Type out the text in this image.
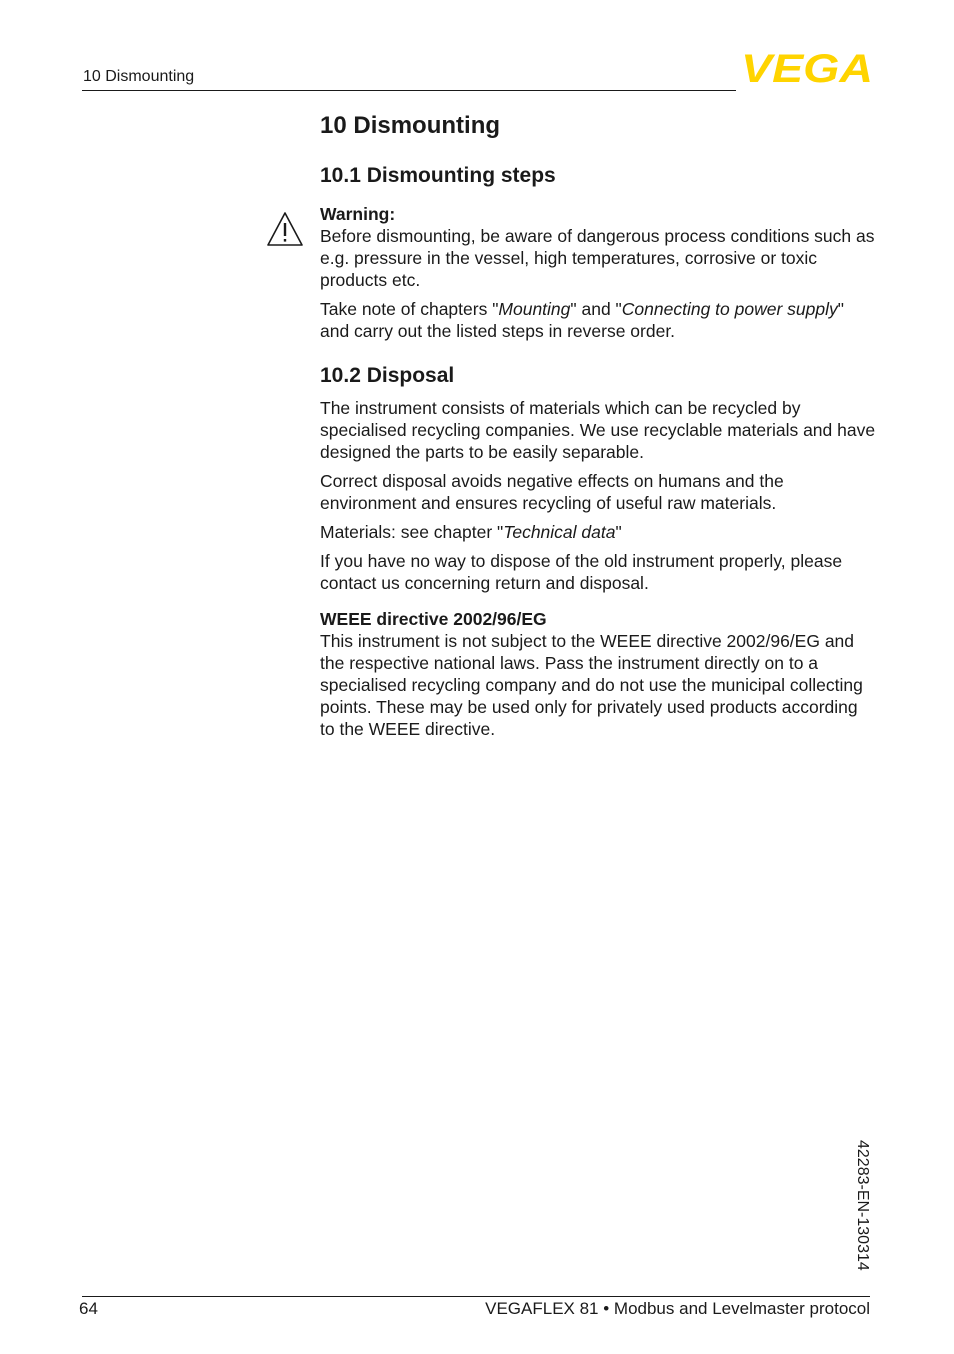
10 Dismounting	VEGA
10 Dismounting
10.1 Dismounting steps

Warning:

Before dismounting, be aware of dangerous process conditions such as e.g. pressure in the vessel, high temperatures, corrosive or toxic products etc.

Take note of chapters "Mounting" and "Connecting to power supply" and carry out the listed steps in reverse order.

10.2 Disposal

The instrument consists of materials which can be recycled by specialised recycling companies. We use recyclable materials and have designed the parts to be easily separable.

Correct disposal avoids negative effects on humans and the environment and ensures recycling of useful raw materials.

Materials: see chapter "Technical data"

If you have no way to dispose of the old instrument properly, please contact us concerning return and disposal.

WEEE directive 2002/96/EG

This instrument is not subject to the WEEE directive 2002/96/EG and the respective national laws. Pass the instrument directly on to a specialised recycling company and do not use the municipal collecting points. These may be used only for privately used products according to the WEEE directive.

42283-EN-130314
64	VEGAFLEX 81 • Modbus and Levelmaster protocol
